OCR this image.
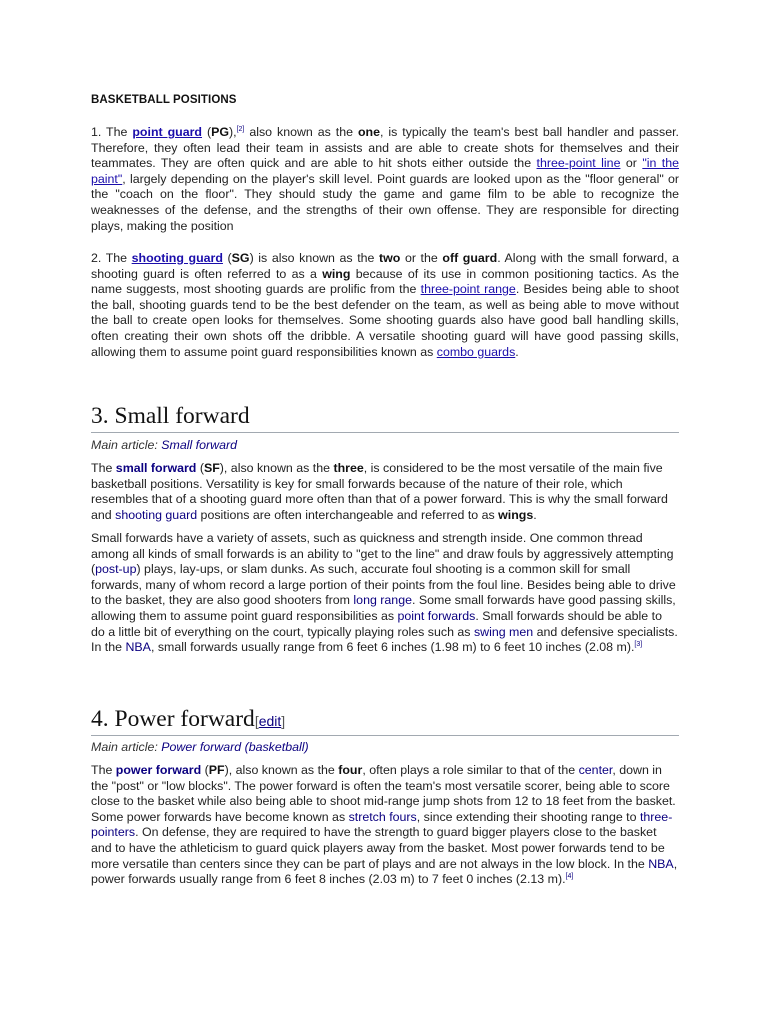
BASKETBALL POSITIONS

1. The point guard (PG),[2] also known as the one, is typically the team's best ball handler and passer. Therefore, they often lead their team in assists and are able to create shots for themselves and their teammates. They are often quick and are able to hit shots either outside the three-point line or "in the paint", largely depending on the player's skill level. Point guards are looked upon as the "floor general" or the "coach on the floor". They should study the game and game film to be able to recognize the weaknesses of the defense, and the strengths of their own offense. They are responsible for directing plays, making the position

2. The shooting guard (SG) is also known as the two or the off guard. Along with the small forward, a shooting guard is often referred to as a wing because of its use in common positioning tactics. As the name suggests, most shooting guards are prolific from the three-point range. Besides being able to shoot the ball, shooting guards tend to be the best defender on the team, as well as being able to move without the ball to create open looks for themselves. Some shooting guards also have good ball handling skills, often creating their own shots off the dribble. A versatile shooting guard will have good passing skills, allowing them to assume point guard responsibilities known as combo guards.

3. Small forward
Main article: Small forward

The small forward (SF), also known as the three, is considered to be the most versatile of the main five basketball positions. Versatility is key for small forwards because of the nature of their role, which resembles that of a shooting guard more often than that of a power forward. This is why the small forward and shooting guard positions are often interchangeable and referred to as wings.

Small forwards have a variety of assets, such as quickness and strength inside. One common thread among all kinds of small forwards is an ability to "get to the line" and draw fouls by aggressively attempting (post-up) plays, lay-ups, or slam dunks. As such, accurate foul shooting is a common skill for small forwards, many of whom record a large portion of their points from the foul line. Besides being able to drive to the basket, they are also good shooters from long range. Some small forwards have good passing skills, allowing them to assume point guard responsibilities as point forwards. Small forwards should be able to do a little bit of everything on the court, typically playing roles such as swing men and defensive specialists. In the NBA, small forwards usually range from 6 feet 6 inches (1.98 m) to 6 feet 10 inches (2.08 m).[3]

4. Power forward[edit]
Main article: Power forward (basketball)

The power forward (PF), also known as the four, often plays a role similar to that of the center, down in the "post" or "low blocks". The power forward is often the team's most versatile scorer, being able to score close to the basket while also being able to shoot mid-range jump shots from 12 to 18 feet from the basket. Some power forwards have become known as stretch fours, since extending their shooting range to three-pointers. On defense, they are required to have the strength to guard bigger players close to the basket and to have the athleticism to guard quick players away from the basket. Most power forwards tend to be more versatile than centers since they can be part of plays and are not always in the low block. In the NBA, power forwards usually range from 6 feet 8 inches (2.03 m) to 7 feet 0 inches (2.13 m).[4]
